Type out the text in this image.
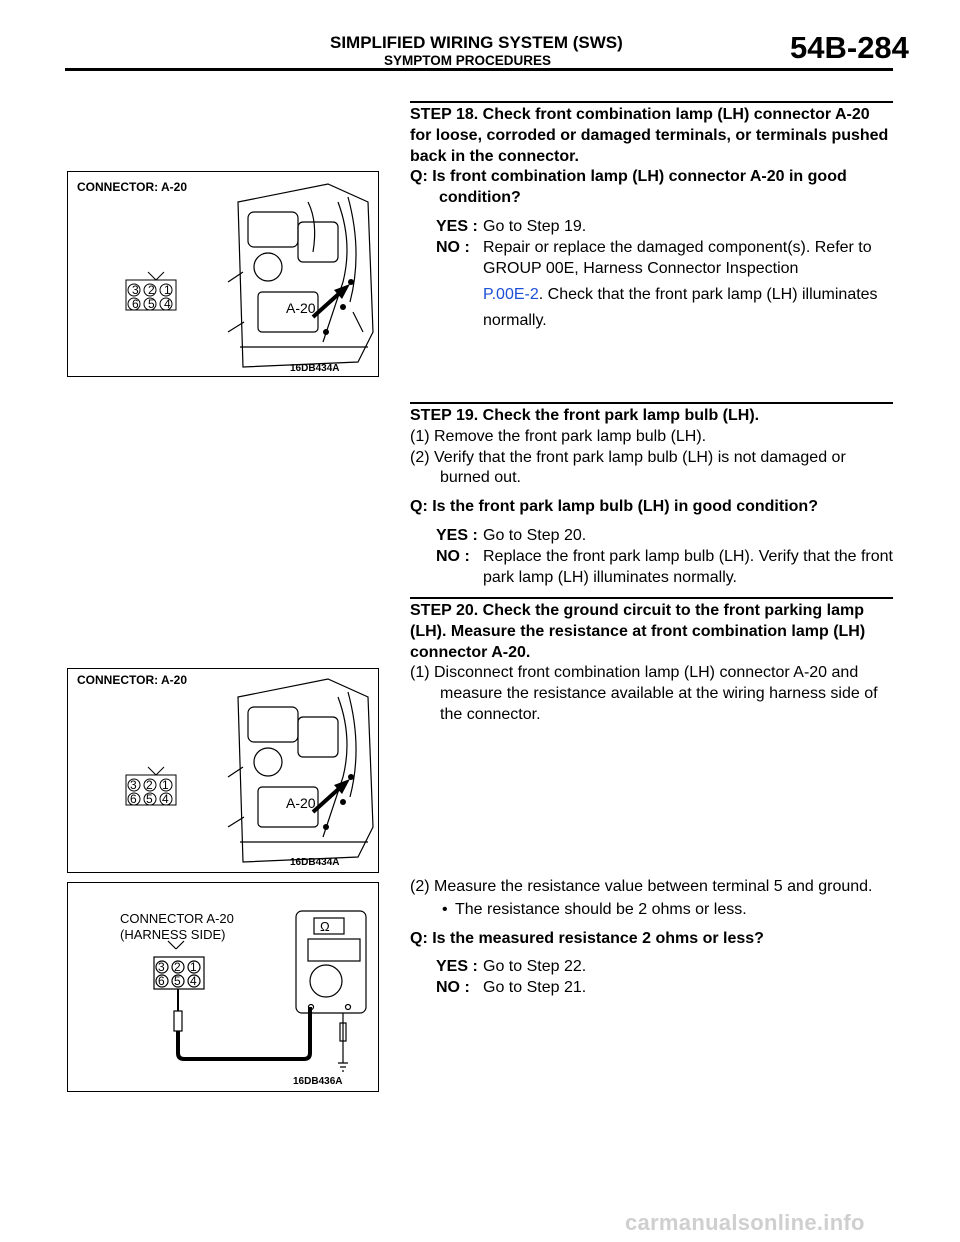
SIMPLIFIED WIRING SYSTEM (SWS)
SYMPTOM PROCEDURES	54B-284
CONNECTOR: A-20
3 2 1
6 5 4	A-20
16DB434A
CONNECTOR: A-20
3 2 1
6 5 4	A-20
16DB434A
CONNECTOR A-20
(HARNESS SIDE)
3 2 1
6 5 4
Ω
16DB436A
STEP 18. Check front combination lamp (LH) connector A-20 for loose, corroded or damaged terminals, or terminals pushed back in the connector.
Q: Is front combination lamp (LH) connector A-20 in good condition?
YES : Go to Step 19.
NO : Repair or replace the damaged component(s). Refer to GROUP 00E, Harness Connector Inspection
P.00E-2. Check that the front park lamp (LH) illuminates normally.
STEP 19. Check the front park lamp bulb (LH).
(1) Remove the front park lamp bulb (LH).
(2) Verify that the front park lamp bulb (LH) is not damaged or burned out.
Q: Is the front park lamp bulb (LH) in good condition?
YES : Go to Step 20.
NO : Replace the front park lamp bulb (LH). Verify that the front park lamp (LH) illuminates normally.
STEP 20. Check the ground circuit to the front parking lamp (LH). Measure the resistance at front combination lamp (LH) connector A-20.
(1) Disconnect front combination lamp (LH) connector A-20 and measure the resistance available at the wiring harness side of the connector.
(2) Measure the resistance value between terminal 5 and ground.
• The resistance should be 2 ohms or less.
Q: Is the measured resistance 2 ohms or less?
YES : Go to Step 22.
NO : Go to Step 21.
carmanualsonline.info
